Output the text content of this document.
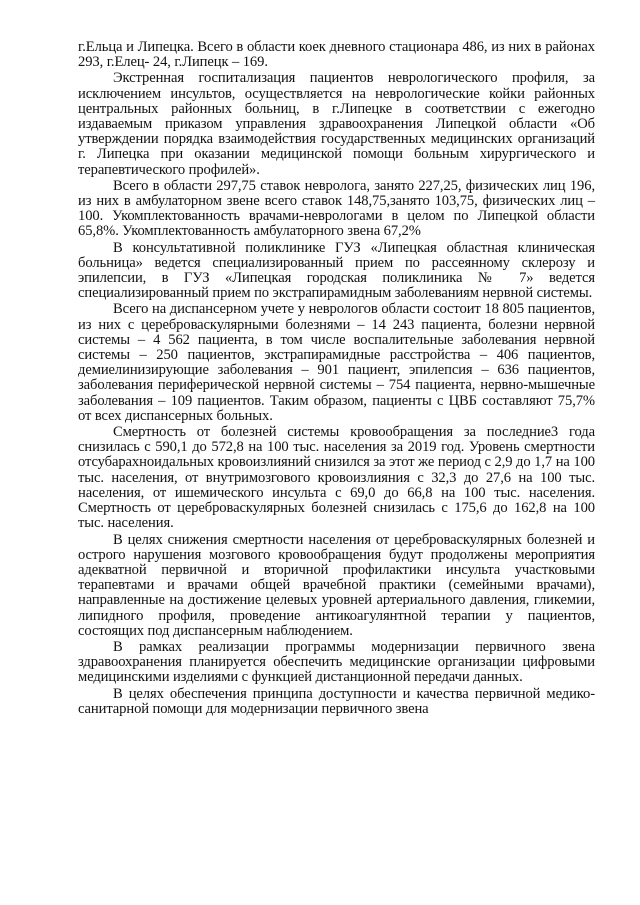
г.Ельца и Липецка. Всего в области коек дневного стационара 486, из них в районах 293, г.Елец- 24, г.Липецк – 169.

Экстренная госпитализация пациентов неврологического профиля, за исключением инсультов, осуществляется на неврологические койки районных центральных районных больниц, в г.Липецке в соответствии с ежегодно издаваемым приказом управления здравоохранения Липецкой области «Об утверждении порядка взаимодействия государственных медицинских организаций г. Липецка при оказании медицинской помощи больным хирургического и терапевтического профилей».

Всего в области 297,75 ставок невролога, занято 227,25, физических лиц 196, из них в амбулаторном звене всего ставок 148,75,занято 103,75, физических лиц – 100. Укомплектованность врачами-неврологами в целом по Липецкой области 65,8%. Укомплектованность амбулаторного звена 67,2%

В консультативной поликлинике ГУЗ «Липецкая областная клиническая больница» ведется специализированный прием по рассеянному склерозу и эпилепсии, в ГУЗ «Липецкая городская поликлиника № 7» ведется специализированный прием по экстрапирамидным заболеваниям нервной системы.

Всего на диспансерном учете у неврологов области состоит 18 805 пациентов, из них с цереброваскулярными болезнями – 14 243 пациента, болезни нервной системы – 4 562 пациента, в том числе воспалительные заболевания нервной системы – 250 пациентов, экстрапирамидные расстройства – 406 пациентов, демиелинизирующие заболевания – 901 пациент, эпилепсия – 636 пациентов, заболевания периферической нервной системы – 754 пациента, нервно-мышечные заболевания – 109 пациентов. Таким образом, пациенты с ЦВБ составляют 75,7% от всех диспансерных больных.

Смертность от болезней системы кровообращения за последние3 года снизилась с 590,1 до 572,8 на 100 тыс. населения за 2019 год. Уровень смертности отсубарахноидальных кровоизлияний снизился за этот же период с 2,9 до 1,7 на 100 тыс. населения, от внутримозгового кровоизлияния с 32,3 до 27,6 на 100 тыс. населения, от ишемического инсульта с 69,0 до 66,8 на 100 тыс. населения. Смертность от цереброваскулярных болезней снизилась с 175,6 до 162,8 на 100 тыс. населения.

В целях снижения смертности населения от цереброваскулярных болезней и острого нарушения мозгового кровообращения будут продолжены мероприятия адекватной первичной и вторичной профилактики инсульта участковыми терапевтами и врачами общей врачебной практики (семейными врачами), направленные на достижение целевых уровней артериального давления, гликемии, липидного профиля, проведение антикоагулянтной терапии у пациентов, состоящих под диспансерным наблюдением.

В рамках реализации программы модернизации первичного звена здравоохранения планируется обеспечить медицинские организации цифровыми медицинскими изделиями с функцией дистанционной передачи данных.

В целях обеспечения принципа доступности и качества первичной медико-санитарной помощи для модернизации первичного звена
